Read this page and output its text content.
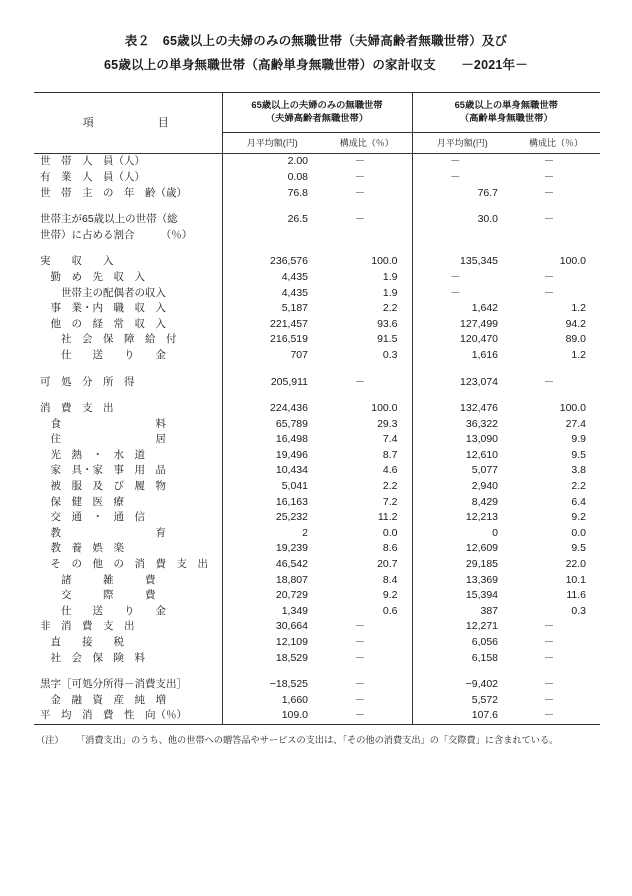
表２　65歳以上の夫婦のみの無職世帯（夫婦高齢者無職世帯）及び
65歳以上の単身無職世帯（高齢単身無職世帯）の家計収支　　－2021年－
項　　　　目	
65歳以上の夫婦のみの無職世帯
（夫婦高齢者無職世帯）

65歳以上の単身無職世帯
（高齢単身無職世帯）

	月平均額(円)	構成比（％）	月平均額(円)	構成比（％）
世　帯　人　員（人）	2.00	－	－	－
有　業　人　員（人）	0.08	－	－	－
世　帯　主　の　年　齢（歳）	76.8	－	76.7	－

世帯主が65歳以上の世帯（総	26.5	－	30.0	－
世帯）に占める割合　　　（％）				

実　　収　　入	236,576	100.0	135,345	100.0
　勤　め　先　収　入	4,435	1.9	－	－
　　世帯主の配偶者の収入	4,435	1.9	－	－
　事　業・内　職　収　入	5,187	2.2	1,642	1.2
　他　の　経　常　収　入	221,457	93.6	127,499	94.2
　　社　会　保　障　給　付	216,519	91.5	120,470	89.0
　　仕　　送　　り　　金	707	0.3	1,616	1.2

可　処　分　所　得	205,911	－	123,074	－

消　費　支　出	224,436	100.0	132,476	100.0
　食　　　　　　　　　料	65,789	29.3	36,322	27.4
　住　　　　　　　　　居	16,498	7.4	13,090	9.9
　光　熱　・　水　道	19,496	8.7	12,610	9.5
　家　具・家　事　用　品	10,434	4.6	5,077	3.8
　被　服　及　び　履　物	5,041	2.2	2,940	2.2
　保　健　医　療	16,163	7.2	8,429	6.4
　交　通　・　通　信	25,232	11.2	12,213	9.2
　教　　　　　　　　　育	2	0.0	0	0.0
　教　養　娯　楽	19,239	8.6	12,609	9.5
　そ　の　他　の　消　費　支　出	46,542	20.7	29,185	22.0
　　諸　　　雑　　　費	18,807	8.4	13,369	10.1
　　交　　　際　　　費	20,729	9.2	15,394	11.6
　　仕　　送　　り　　金	1,349	0.6	387	0.3
非　消　費　支　出	30,664	－	12,271	－
　直　　接　　税	12,109	－	6,056	－
　社　会　保　険　料	18,529	－	6,158	－

黒字［可処分所得－消費支出］	−18,525	－	−9,402	－
　金　融　資　産　純　増	1,660	－	5,572	－
平　均　消　費　性　向（％）	109.0	－	107.6	－
（注）	「消費支出」のうち、他の世帯への贈答品やサービスの支出は、「その他の消費支出」の「交際費」に含まれている。
